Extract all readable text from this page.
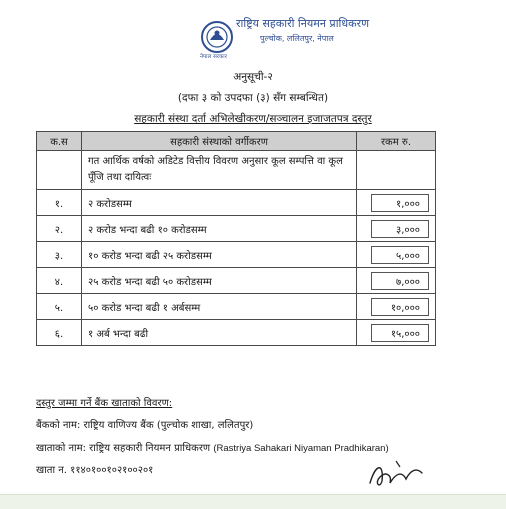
राष्ट्रिय सहकारी नियमन प्राधिकरण
पुल्चोक, ललितपुर, नेपाल
नेपाल सरकार
अनुसूची-२
(दफा ३ को उपदफा (३) सँग सम्बन्धित)
सहकारी संस्था दर्ता अभिलेखीकरण/सञ्चालन इजाजतपत्र दस्तुर
क.स	सहकारी संस्थाको वर्गीकरण	रकम रु.
	गत आर्थिक वर्षको अडिटेड वित्तीय विवरण अनुसार कूल सम्पत्ति वा कूल पूँजि तथा दायित्वः	
१.	२ करोडसम्म	१,०००
२.	२ करोड भन्दा बढी १० करोडसम्म	३,०००
३.	१० करोड भन्दा बढी २५ करोडसम्म	५,०००
४.	२५ करोड भन्दा बढी ५० करोडसम्म	७,०००
५.	५० करोड भन्दा बढी १ अर्बसम्म	१०,०००
६.	१ अर्ब भन्दा बढी	१५,०००
दस्तुर जम्मा गर्ने बैंक खाताको विवरण:
बैंकको नाम: राष्ट्रिय वाणिज्य बैंक (पुल्चोक शाखा, ललितपुर)
खाताको नाम: राष्ट्रिय सहकारी नियमन प्राधिकरण (Rastriya Sahakari Niyaman Pradhikaran)
खाता न. ११४०१००१०२१००२०१
